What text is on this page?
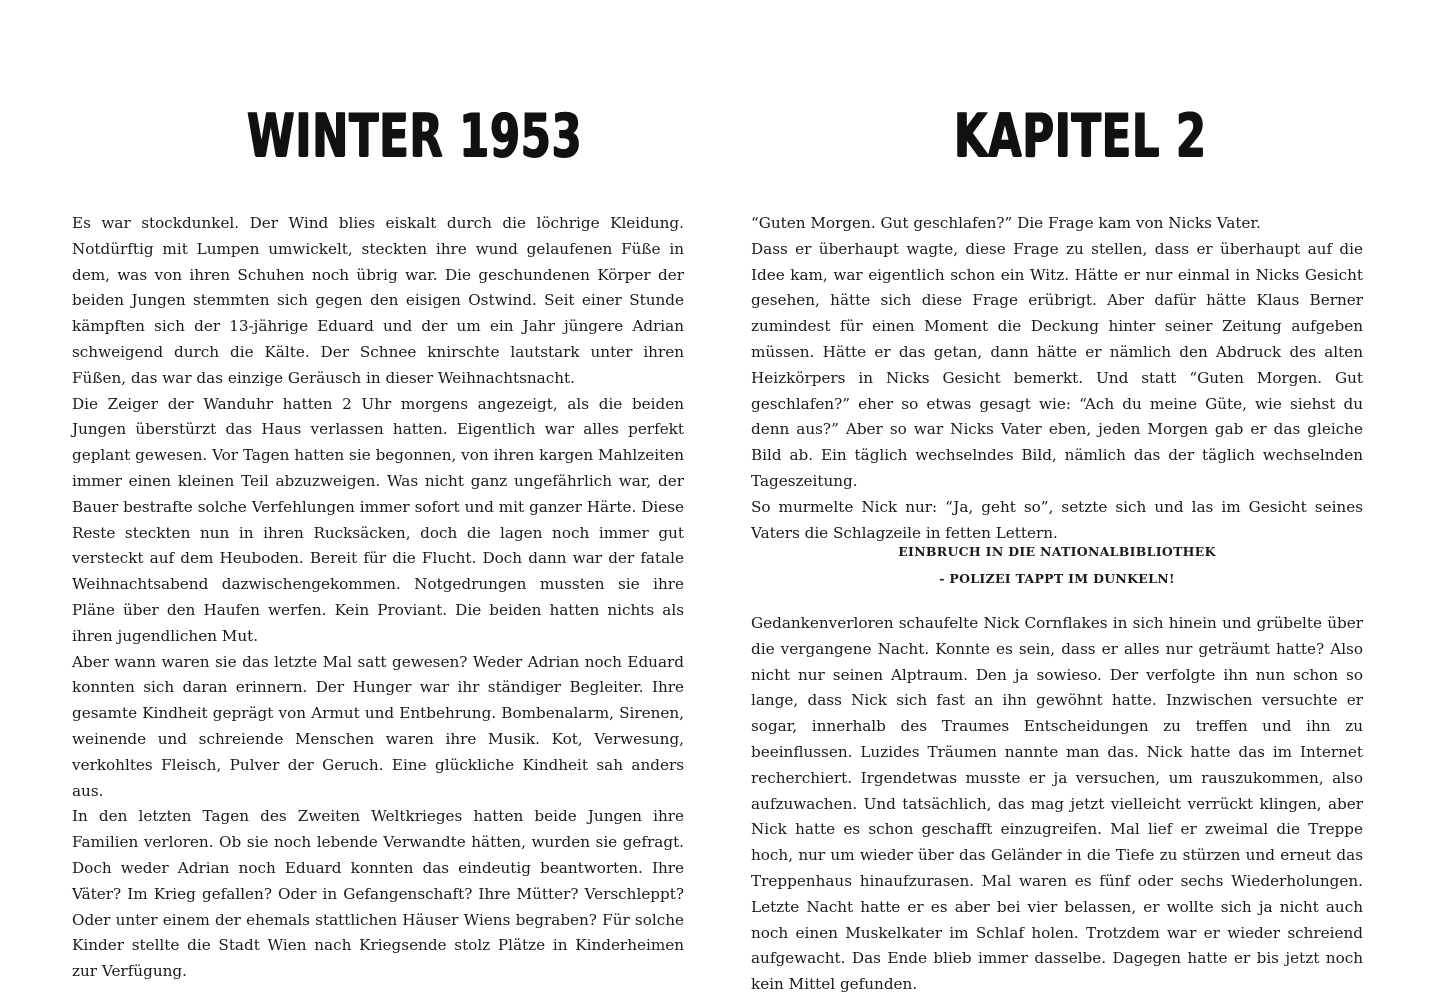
WINTER 1953

Es war stockdunkel. Der Wind blies eiskalt durch die löchrige Kleidung. Notdürftig mit Lumpen umwickelt, steckten ihre wund gelaufenen Füße in dem, was von ihren Schuhen noch übrig war. Die geschundenen Körper der beiden Jungen stemmten sich gegen den eisigen Ostwind. Seit einer Stunde kämpften sich der 13-jährige Eduard und der um ein Jahr jüngere Adrian schweigend durch die Kälte. Der Schnee knirschte lautstark unter ihren Füßen, das war das einzige Geräusch in dieser Weihnachtsnacht.

Die Zeiger der Wanduhr hatten 2 Uhr morgens angezeigt, als die beiden Jungen überstürzt das Haus verlassen hatten. Eigentlich war alles perfekt geplant gewesen. Vor Tagen hatten sie begonnen, von ihren kargen Mahlzeiten immer einen kleinen Teil abzuzweigen. Was nicht ganz ungefährlich war, der Bauer bestrafte solche Verfehlungen immer sofort und mit ganzer Härte. Diese Reste steckten nun in ihren Rucksäcken, doch die lagen noch immer gut versteckt auf dem Heuboden. Bereit für die Flucht. Doch dann war der fatale Weihnachtsabend dazwischengekommen. Notgedrungen mussten sie ihre Pläne über den Haufen werfen. Kein Proviant. Die beiden hatten nichts als ihren jugendlichen Mut.

Aber wann waren sie das letzte Mal satt gewesen? Weder Adrian noch Eduard konnten sich daran erinnern. Der Hunger war ihr ständiger Begleiter. Ihre gesamte Kindheit geprägt von Armut und Entbehrung. Bombenalarm, Sirenen, weinende und schreiende Menschen waren ihre Musik. Kot, Verwesung, verkohltes Fleisch, Pulver der Geruch. Eine glückliche Kindheit sah anders aus.

In den letzten Tagen des Zweiten Weltkrieges hatten beide Jungen ihre Familien verloren. Ob sie noch lebende Verwandte hätten, wurden sie gefragt. Doch weder Adrian noch Eduard konnten das eindeutig beantworten. Ihre Väter? Im Krieg gefallen? Oder in Gefangenschaft? Ihre Mütter? Verschleppt? Oder unter einem der ehemals stattlichen Häuser Wiens begraben? Für solche Kinder stellte die Stadt Wien nach Kriegsende stolz Plätze in Kinderheimen zur Verfügung.

KAPITEL 2

“Guten Morgen. Gut geschlafen?” Die Frage kam von Nicks Vater.

Dass er überhaupt wagte, diese Frage zu stellen, dass er überhaupt auf die Idee kam, war eigentlich schon ein Witz. Hätte er nur einmal in Nicks Gesicht gesehen, hätte sich diese Frage erübrigt. Aber dafür hätte Klaus Berner zumindest für einen Moment die Deckung hinter seiner Zeitung aufgeben müssen. Hätte er das getan, dann hätte er nämlich den Abdruck des alten Heizkörpers in Nicks Gesicht bemerkt. Und statt “Guten Morgen. Gut geschlafen?” eher so etwas gesagt wie: “Ach du meine Güte, wie siehst du denn aus?” Aber so war Nicks Vater eben, jeden Morgen gab er das gleiche Bild ab. Ein täglich wechselndes Bild, nämlich das der täglich wechselnden Tageszeitung.

So murmelte Nick nur: “Ja, geht so”, setzte sich und las im Gesicht seines Vaters die Schlagzeile in fetten Lettern.

EINBRUCH IN DIE NATIONALBIBLIOTHEK
- POLIZEI TAPPT IM DUNKELN!

Gedankenverloren schaufelte Nick Cornflakes in sich hinein und grübelte über die vergangene Nacht. Konnte es sein, dass er alles nur geträumt hatte? Also nicht nur seinen Alptraum. Den ja sowieso. Der verfolgte ihn nun schon so lange, dass Nick sich fast an ihn gewöhnt hatte. Inzwischen versuchte er sogar, innerhalb des Traumes Entscheidungen zu treffen und ihn zu beeinflussen. Luzides Träumen nannte man das. Nick hatte das im Internet recherchiert. Irgendetwas musste er ja versuchen, um rauszukommen, also aufzuwachen. Und tatsächlich, das mag jetzt vielleicht verrückt klingen, aber Nick hatte es schon geschafft einzugreifen. Mal lief er zweimal die Treppe hoch, nur um wieder über das Geländer in die Tiefe zu stürzen und erneut das Treppenhaus hinaufzurasen. Mal waren es fünf oder sechs Wiederholungen. Letzte Nacht hatte er es aber bei vier belassen, er wollte sich ja nicht auch noch einen Muskelkater im Schlaf holen. Trotzdem war er wieder schreiend aufgewacht. Das Ende blieb immer dasselbe. Dagegen hatte er bis jetzt noch kein Mittel gefunden.
